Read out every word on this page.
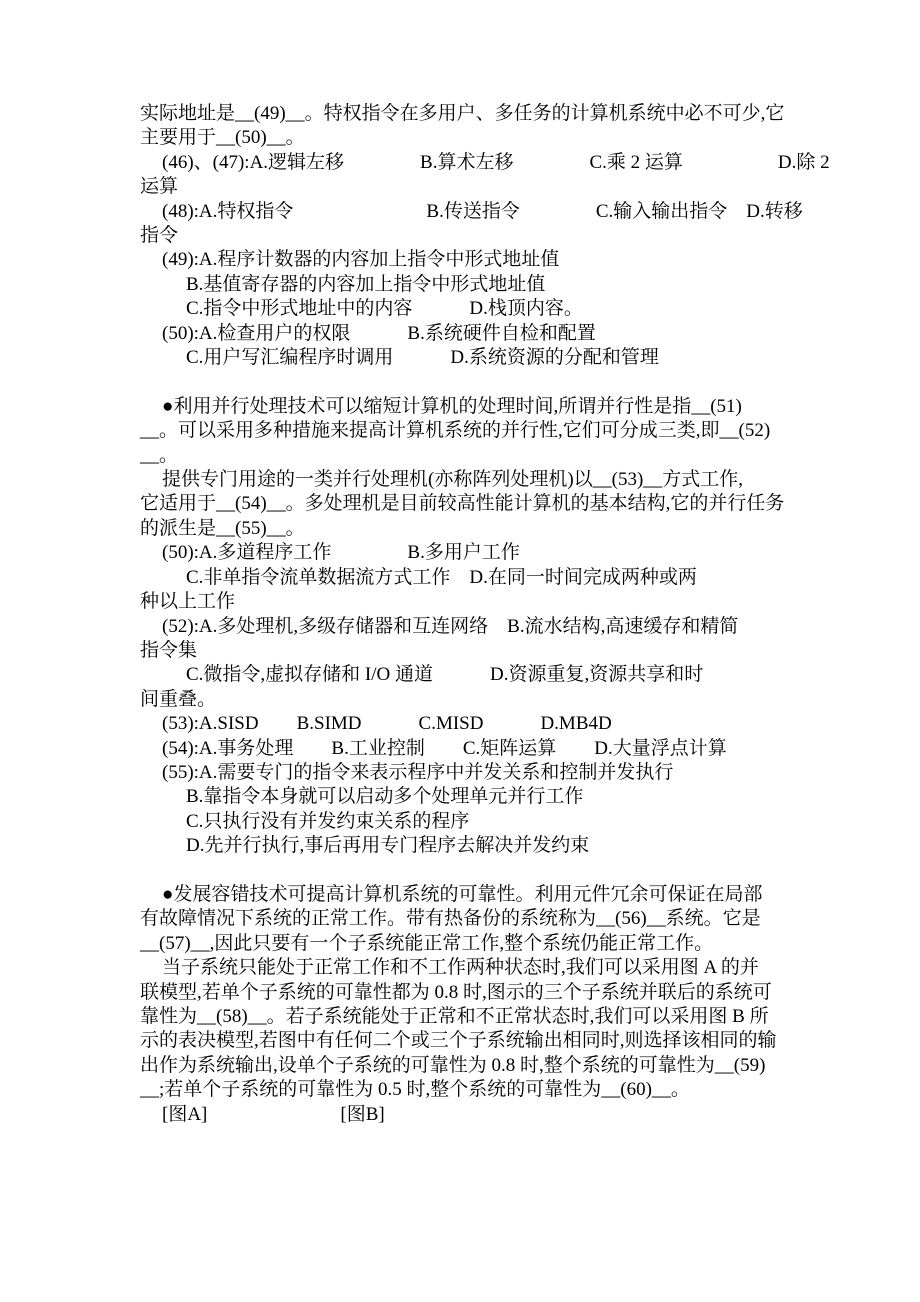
实际地址是__(49)__。特权指令在多用户、多任务的计算机系统中必不可少,它
主要用于__(50)__。
(46)、(47):A.逻辑左移　　　　B.算术左移　　　　C.乘 2 运算　　　　　D.除 2
运算
(48):A.特权指令　　　　　　　B.传送指令　　　　C.输入输出指令　D.转移
指令
(49):A.程序计数器的内容加上指令中形式地址值
B.基值寄存器的内容加上指令中形式地址值
C.指令中形式地址中的内容　　　D.栈顶内容。
(50):A.检查用户的权限　　　B.系统硬件自检和配置
C.用户写汇编程序时调用　　　D.系统资源的分配和管理
●利用并行处理技术可以缩短计算机的处理时间,所谓并行性是指__(51)
__。可以采用多种措施来提高计算机系统的并行性,它们可分成三类,即__(52)
__。
提供专门用途的一类并行处理机(亦称阵列处理机)以__(53)__方式工作,
它适用于__(54)__。多处理机是目前较高性能计算机的基本结构,它的并行任务
的派生是__(55)__。
(50):A.多道程序工作　　　　B.多用户工作
C.非单指令流单数据流方式工作　D.在同一时间完成两种或两
种以上工作
(52):A.多处理机,多级存储器和互连网络　B.流水结构,高速缓存和精简
指令集
C.微指令,虚拟存储和 I/O 通道　　　D.资源重复,资源共享和时
间重叠。
(53):A.SISD　　B.SIMD　　　C.MISD　　　D.MB4D
(54):A.事务处理　　B.工业控制　　C.矩阵运算　　D.大量浮点计算
(55):A.需要专门的指令来表示程序中并发关系和控制并发执行
B.靠指令本身就可以启动多个处理单元并行工作
C.只执行没有并发约束关系的程序
D.先并行执行,事后再用专门程序去解决并发约束
●发展容错技术可提高计算机系统的可靠性。利用元件冗余可保证在局部
有故障情况下系统的正常工作。带有热备份的系统称为__(56)__系统。它是
__(57)__,因此只要有一个子系统能正常工作,整个系统仍能正常工作。
当子系统只能处于正常工作和不工作两种状态时,我们可以采用图 A 的并
联模型,若单个子系统的可靠性都为 0.8 时,图示的三个子系统并联后的系统可
靠性为__(58)__。若子系统能处于正常和不正常状态时,我们可以采用图 B 所
示的表决模型,若图中有任何二个或三个子系统输出相同时,则选择该相同的输
出作为系统输出,设单个子系统的可靠性为 0.8 时,整个系统的可靠性为__(59)
__;若单个子系统的可靠性为 0.5 时,整个系统的可靠性为__(60)__。
[图A]　　　　　　　[图B]
